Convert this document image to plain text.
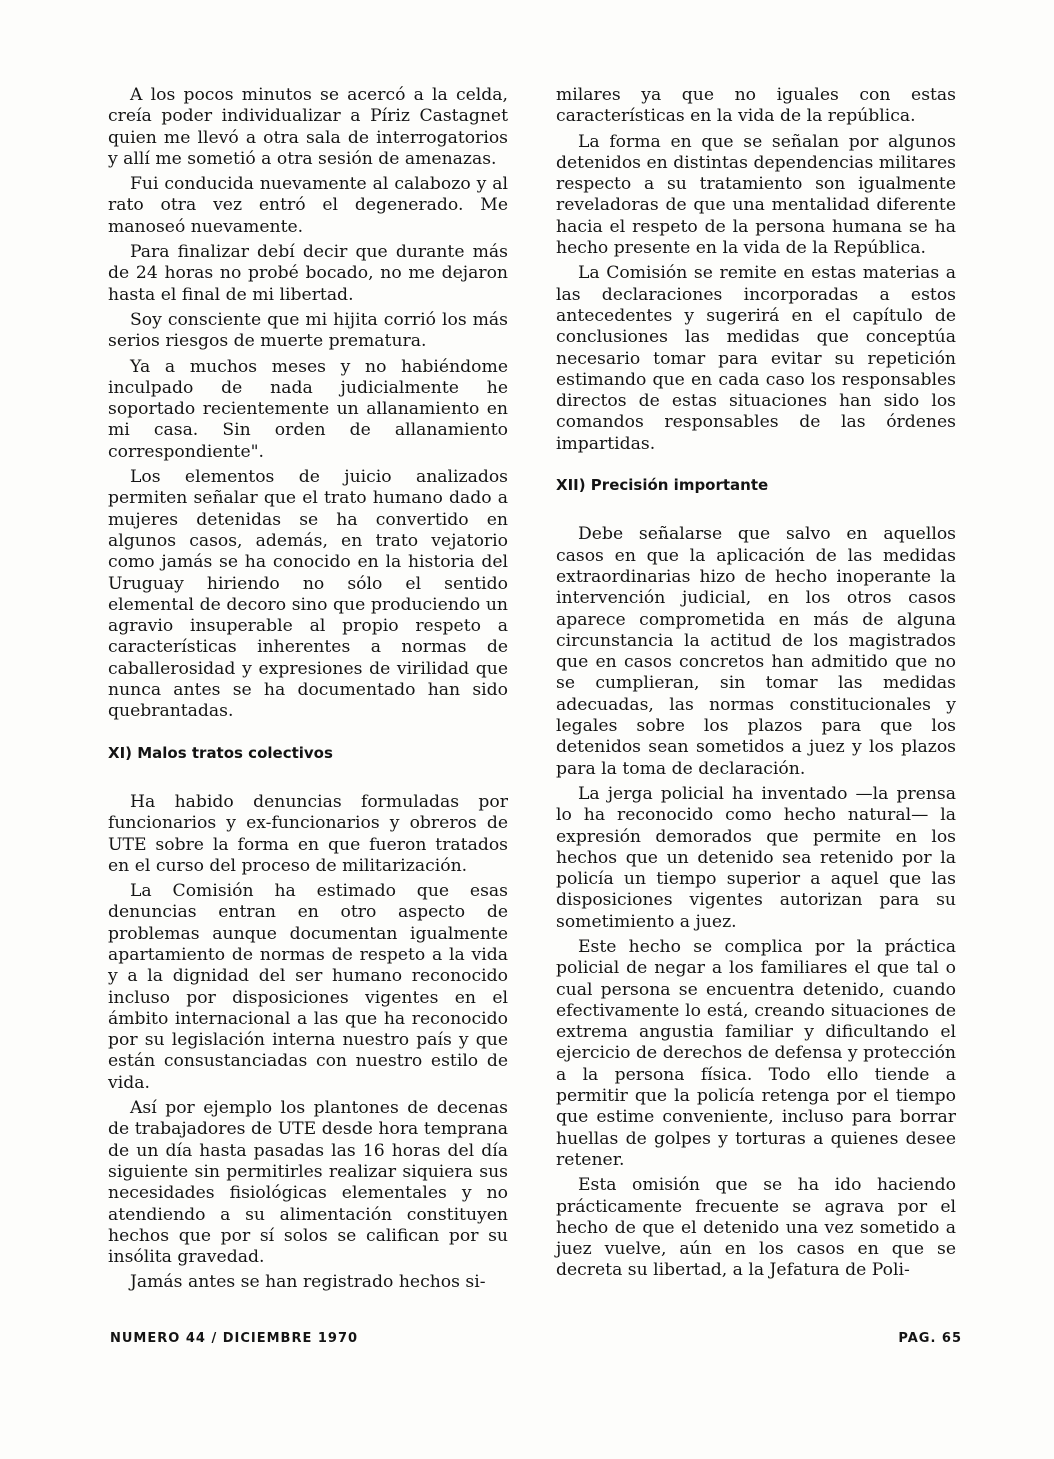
A los pocos minutos se acercó a la celda, creía poder individualizar a Píriz Castagnet quien me llevó a otra sala de interrogatorios y allí me sometió a otra sesión de amenazas.

Fui conducida nuevamente al calabozo y al rato otra vez entró el degenerado. Me manoseó nuevamente.

Para finalizar debí decir que durante más de 24 horas no probé bocado, no me dejaron hasta el final de mi libertad.

Soy consciente que mi hijita corrió los más serios riesgos de muerte prematura.

Ya a muchos meses y no habiéndome inculpado de nada judicialmente he soportado recientemente un allanamiento en mi casa. Sin orden de allanamiento correspondiente".

Los elementos de juicio analizados permiten señalar que el trato humano dado a mujeres detenidas se ha convertido en algunos casos, además, en trato vejatorio como jamás se ha conocido en la historia del Uruguay hiriendo no sólo el sentido elemental de decoro sino que produciendo un agravio insuperable al propio respeto a características inherentes a normas de caballerosidad y expresiones de virilidad que nunca antes se ha documentado han sido quebrantadas.

XI) Malos tratos colectivos

Ha habido denuncias formuladas por funcionarios y ex-funcionarios y obreros de UTE sobre la forma en que fueron tratados en el curso del proceso de militarización.

La Comisión ha estimado que esas denuncias entran en otro aspecto de problemas aunque documentan igualmente apartamiento de normas de respeto a la vida y a la dignidad del ser humano reconocido incluso por disposiciones vigentes en el ámbito internacional a las que ha reconocido por su legislación interna nuestro país y que están consustanciadas con nuestro estilo de vida.

Así por ejemplo los plantones de decenas de trabajadores de UTE desde hora temprana de un día hasta pasadas las 16 horas del día siguiente sin permitirles realizar siquiera sus necesidades fisiológicas elementales y no atendiendo a su alimentación constituyen hechos que por sí solos se califican por su insólita gravedad.

Jamás antes se han registrado hechos si-

milares ya que no iguales con estas características en la vida de la república.

La forma en que se señalan por algunos detenidos en distintas dependencias militares respecto a su tratamiento son igualmente reveladoras de que una mentalidad diferente hacia el respeto de la persona humana se ha hecho presente en la vida de la República.

La Comisión se remite en estas materias a las declaraciones incorporadas a estos antecedentes y sugerirá en el capítulo de conclusiones las medidas que conceptúa necesario tomar para evitar su repetición estimando que en cada caso los responsables directos de estas situaciones han sido los comandos responsables de las órdenes impartidas.

XII) Precisión importante

Debe señalarse que salvo en aquellos casos en que la aplicación de las medidas extraordinarias hizo de hecho inoperante la intervención judicial, en los otros casos aparece comprometida en más de alguna circunstancia la actitud de los magistrados que en casos concretos han admitido que no se cumplieran, sin tomar las medidas adecuadas, las normas constitucionales y legales sobre los plazos para que los detenidos sean sometidos a juez y los plazos para la toma de declaración.

La jerga policial ha inventado —la prensa lo ha reconocido como hecho natural— la expresión demorados que permite en los hechos que un detenido sea retenido por la policía un tiempo superior a aquel que las disposiciones vigentes autorizan para su sometimiento a juez.

Este hecho se complica por la práctica policial de negar a los familiares el que tal o cual persona se encuentra detenido, cuando efectivamente lo está, creando situaciones de extrema angustia familiar y dificultando el ejercicio de derechos de defensa y protección a la persona física. Todo ello tiende a permitir que la policía retenga por el tiempo que estime conveniente, incluso para borrar huellas de golpes y torturas a quienes desee retener.

Esta omisión que se ha ido haciendo prácticamente frecuente se agrava por el hecho de que el detenido una vez sometido a juez vuelve, aún en los casos en que se decreta su libertad, a la Jefatura de Poli-

NUMERO 44 / DICIEMBRE 1970	PAG. 65
